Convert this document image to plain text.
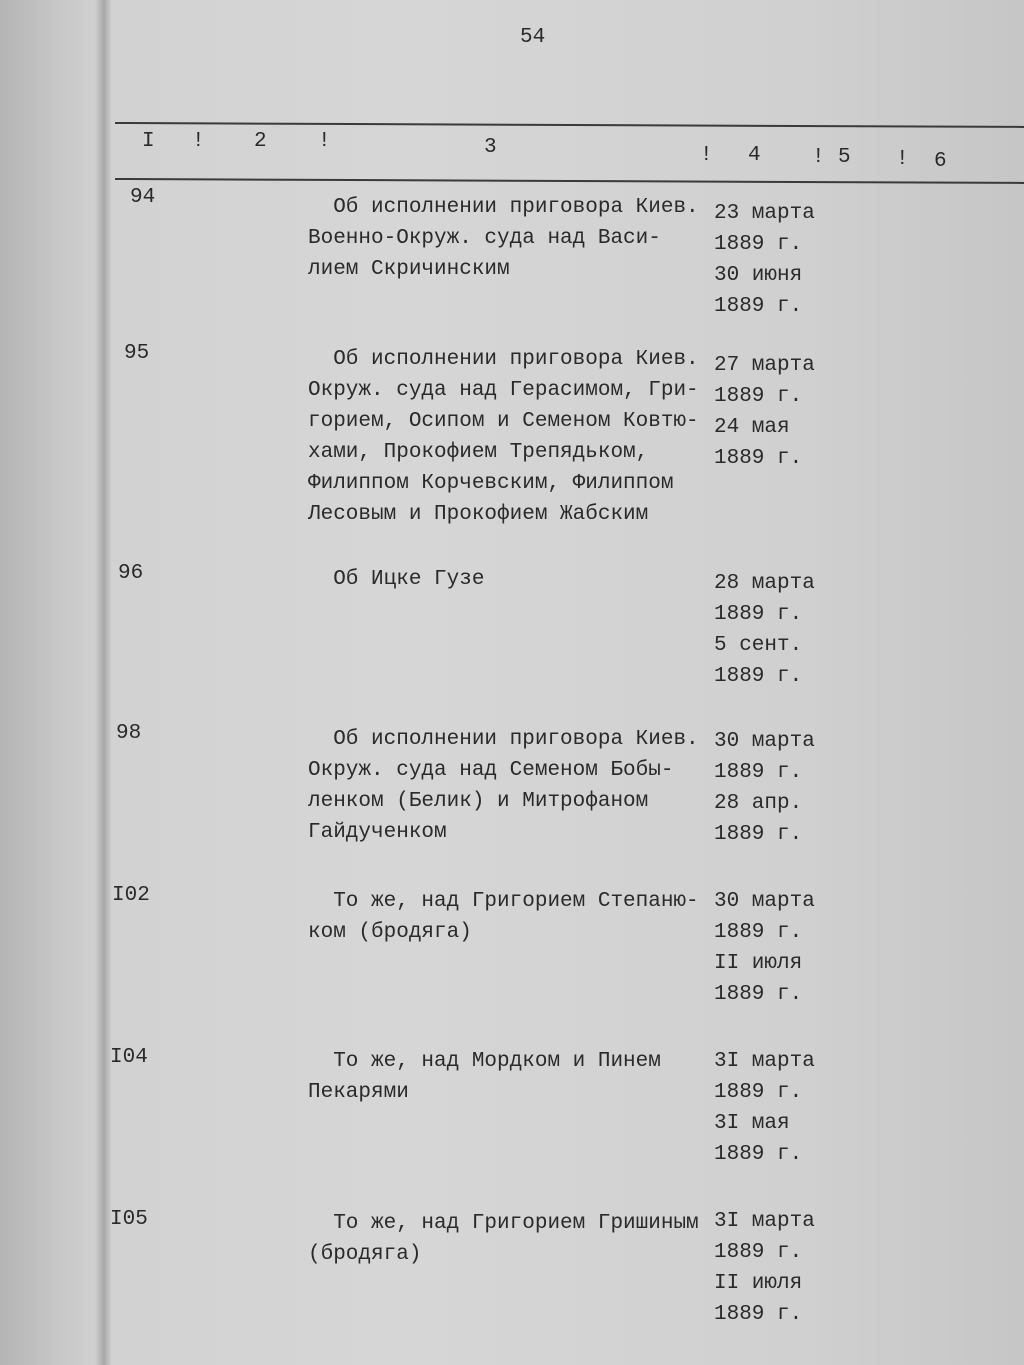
54
I ! 2 !	3	! 4 ! 5 ! 6
94	Об исполнении приговора Киев.
Военно-Окруж. суда над Васи-
лием Скричинским
23 марта
1889 г.
30 июня
1889 г.
95	Об исполнении приговора Киев.
Окруж. суда над Герасимом, Гри-
горием, Осипом и Семеном Ковтю-
хами, Прокофием Трепядьком,
Филиппом Корчевским, Филиппом
Лесовым и Прокофием Жабским
27 марта
1889 г.
24 мая
1889 г.
96	Об Ицке Гузе	28 марта
1889 г.
5 сент.
1889 г.
98	Об исполнении приговора Киев.
Окруж. суда над Семеном Бобы-
ленком (Белик) и Митрофаном
Гайдученком
30 марта
1889 г.
28 апр.
1889 г.
I02	То же, над Григорием Степаню-
ком (бродяга)
30 марта
1889 г.
II июля
1889 г.
I04	То же, над Мордком и Пинем
Пекарями
3I марта
1889 г.
3I мая
1889 г.
I05	То же, над Григорием Гришиным
(бродяга)
3I марта
1889 г.
II июля
1889 г.
